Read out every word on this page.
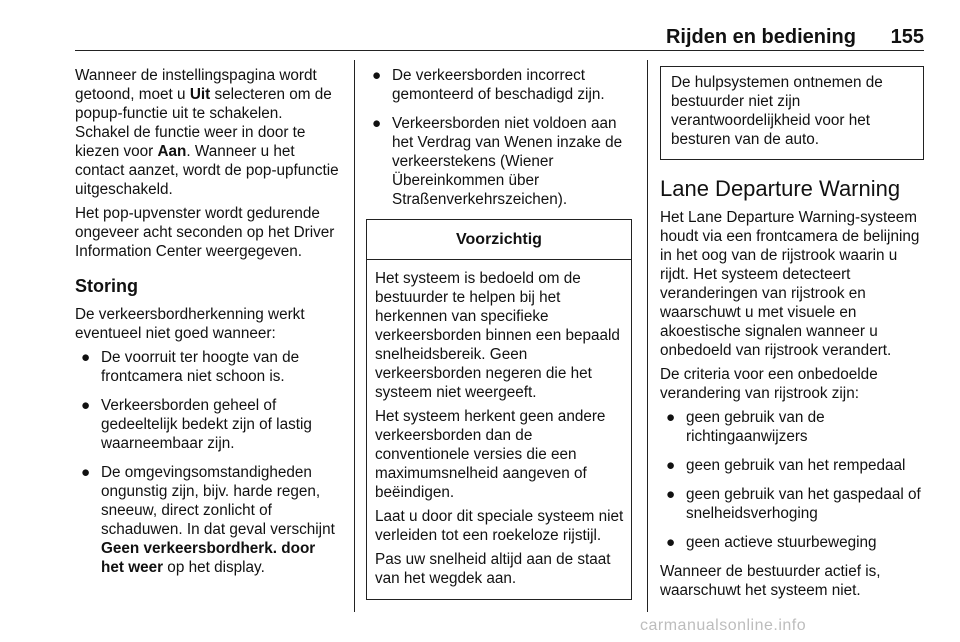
Rijden en bediening 155

Wanneer de instellingspagina wordt getoond, moet u Uit selecteren om de popup-functie uit te schakelen. Schakel de functie weer in door te kiezen voor Aan. Wanneer u het contact aanzet, wordt de pop-upfunctie uitgeschakeld.

Het pop-upvenster wordt gedurende ongeveer acht seconden op het Driver Information Center weergegeven.

Storing

De verkeersbordherkenning werkt eventueel niet goed wanneer:

● De voorruit ter hoogte van de frontcamera niet schoon is.
● Verkeersborden geheel of gedeeltelijk bedekt zijn of lastig waarneembaar zijn.
● De omgevingsomstandigheden ongunstig zijn, bijv. harde regen, sneeuw, direct zonlicht of schaduwen. In dat geval verschijnt Geen verkeersbordherk. door het weer op het display.
● De verkeersborden incorrect gemonteerd of beschadigd zijn.
● Verkeersborden niet voldoen aan het Verdrag van Wenen inzake de verkeerstekens (Wiener Übereinkommen über Straßenverkehrszeichen).
Voorzichtig

Het systeem is bedoeld om de bestuurder te helpen bij het herkennen van specifieke verkeersborden binnen een bepaald snelheidsbereik. Geen verkeersborden negeren die het systeem niet weergeeft.

Het systeem herkent geen andere verkeersborden dan de conventionele versies die een maximumsnelheid aangeven of beëindigen.

Laat u door dit speciale systeem niet verleiden tot een roekeloze rijstijl.

Pas uw snelheid altijd aan de staat van het wegdek aan.

De hulpsystemen ontnemen de bestuurder niet zijn verantwoordelijkheid voor het besturen van de auto.
Lane Departure Warning

Het Lane Departure Warning-systeem houdt via een frontcamera de belijning in het oog van de rijstrook waarin u rijdt. Het systeem detecteert veranderingen van rijstrook en waarschuwt u met visuele en akoestische signalen wanneer u onbedoeld van rijstrook verandert.

De criteria voor een onbedoelde verandering van rijstrook zijn:

● geen gebruik van de richtingaanwijzers
● geen gebruik van het rempedaal
● geen gebruik van het gaspedaal of snelheidsverhoging
● geen actieve stuurbeweging

Wanneer de bestuurder actief is, waarschuwt het systeem niet.

carmanualsonline.info
